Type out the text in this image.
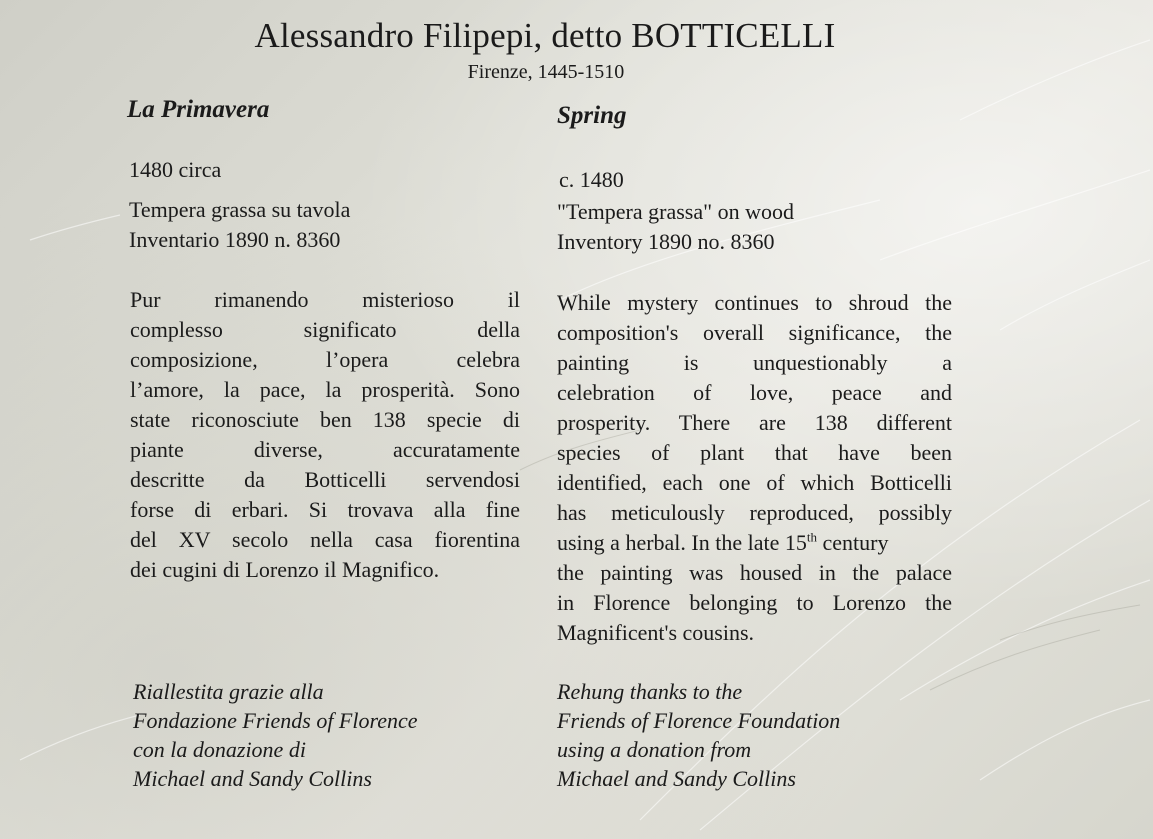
Alessandro Filipepi, detto BOTTICELLI
Firenze, 1445-1510
La Primavera
1480 circa
Tempera grassa su tavola
Inventario 1890 n. 8360
Pur rimanendo misterioso il
complesso significato della
composizione, l’opera celebra
l’amore, la pace, la prosperità. Sono
state riconosciute ben 138 specie di
piante diverse, accuratamente
descritte da Botticelli servendosi
forse di erbari. Si trovava alla fine
del XV secolo nella casa fiorentina
dei cugini di Lorenzo il Magnifico.
Riallestita grazie alla
Fondazione Friends of Florence
con la donazione di
Michael and Sandy Collins
Spring
c. 1480
"Tempera grassa" on wood
Inventory 1890 no. 8360
While mystery continues to shroud the
composition's overall significance, the
painting is unquestionably a
celebration of love, peace and
prosperity. There are 138 different
species of plant that have been
identified, each one of which Botticelli
has meticulously reproduced, possibly
using a herbal. In the late 15th century
the painting was housed in the palace
in Florence belonging to Lorenzo the
Magnificent's cousins.
Rehung thanks to the
Friends of Florence Foundation
using a donation from
Michael and Sandy Collins
